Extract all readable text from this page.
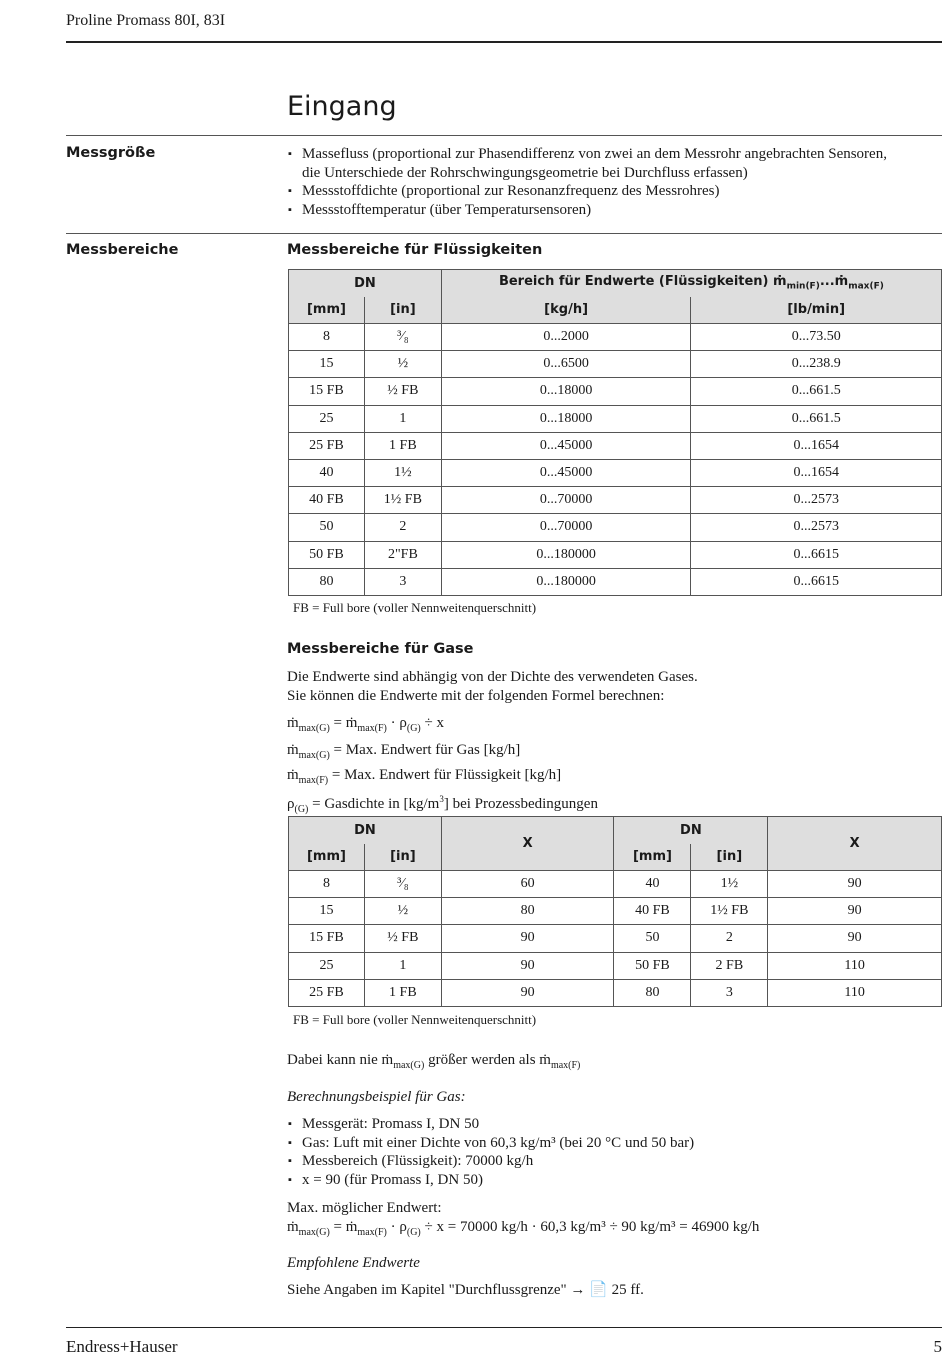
Proline Promass 80I, 83I
Eingang
Messgröße	▪ Massefluss (proportional zur Phasendifferenz von zwei an dem Messrohr angebrachten Sensoren,
die Unterschiede der Rohrschwingungsgeometrie bei Durchfluss erfassen)
▪ Messstoffdichte (proportional zur Resonanzfrequenz des Messrohres)
▪ Messstofftemperatur (über Temperatursensoren)
Messbereiche	Messbereiche für Flüssigkeiten
DN		Bereich für Endwerte (Flüssigkeiten) ṁ$_{min(F)}$...ṁ$_{max(F)}$
[mm]	[in]	[kg/h]	[lb/min]
8	³⁄₈	0...2000	0...73.50
15	½	0...6500	0...238.9
15 FB	½ FB	0...18000	0...661.5
25	1	0...18000	0...661.5
25 FB	1 FB	0...45000	0...1654
40	1½	0...45000	0...1654
40 FB	1½ FB	0...70000	0...2573
50	2	0...70000	0...2573
50 FB	2"FB	0...180000	0...6615
80	3	0...180000	0...6615
FB = Full bore (voller Nennweitenquerschnitt)
Messbereiche für Gase
Die Endwerte sind abhängig von der Dichte des verwendeten Gases.
Sie können die Endwerte mit der folgenden Formel berechnen:
ṁ$_{max(G)}$ = ṁ$_{max(F)}$ · $\rho_{(G)} \div x$
ṁ$_{max(G)}$ = Max. Endwert für Gas [kg/h]
ṁ$_{max(F)}$ = Max. Endwert für Flüssigkeit [kg/h]
$\rho_{(G)}$ = Gasdichte in $[kg/m^3]$ bei Prozessbedingungen
DN		X	DN		X
[mm]	[in]		[mm]	[in]	
8	³⁄₈	60	40	1½	90
15	½	80	40 FB	1½ FB	90
15 FB	½ FB	90	50	2	90
25	1	90	50 FB	2 FB	110
25 FB	1 FB	90	80	3	110
FB = Full bore (voller Nennweitenquerschnitt)
Dabei kann nie ṁ$_{max(G)}$ größer werden als ṁ$_{max(F)}$
Berechnungsbeispiel für Gas:
▪ Messgerät: Promass I, DN 50
▪ Gas: Luft mit einer Dichte von 60,3 kg/m³ (bei 20 °C und 50 bar)
▪ Messbereich (Flüssigkeit): 70000 kg/h
▪ x = 90 (für Promass I, DN 50)
Max. möglicher Endwert:
ṁ$_{max(G)}$ = ṁ$_{max(F)}$ · $\rho_{(G)} \div x = 70000$ kg/h · 60,3 kg/m³ ÷ 90 kg/m³ = 46900 kg/h
Empfohlene Endwerte
Siehe Angaben im Kapitel "Durchflussgrenze" → 📄 25 ff.
Endress+Hauser	5
